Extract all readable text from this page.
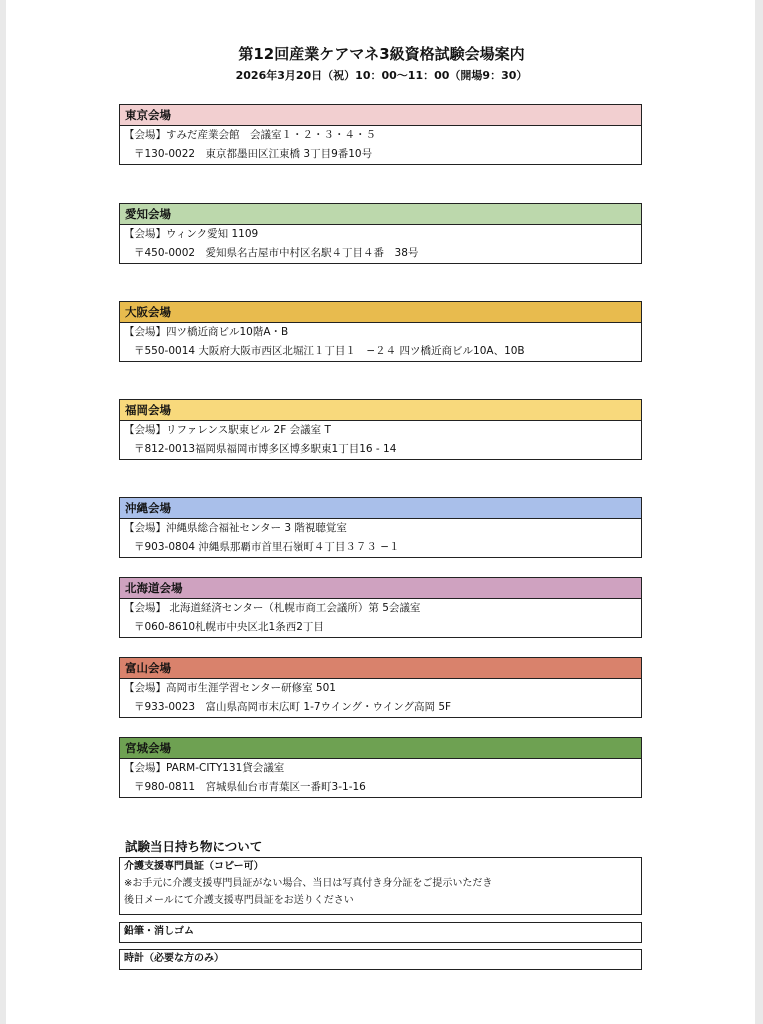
第12回産業ケアマネ3級資格試験会場案内
2026年3月20日（祝）10：00〜11：00（開場9：30）
東京会場
【会場】すみだ産業会館　会議室１・２・３・４・５
〒130‐0022　東京都墨田区江東橋 3丁目9番10号
愛知会場
【会場】ウィンク愛知 1109
〒450-0002　愛知県名古屋市中村区名駅４丁目４番　38号
大阪会場
【会場】四ツ橋近商ビル10階A・B
〒550-0014 大阪府大阪市西区北堀江１丁目１　−２４ 四ツ橋近商ビル10A、10B
福岡会場
【会場】リファレンス駅東ビル 2F 会議室 T
〒812-0013福岡県福岡市博多区博多駅東1丁目16 - 14
沖縄会場
【会場】沖縄県総合福祉センター 3 階視聴覚室
〒903-0804 沖縄県那覇市首里石嶺町４丁目３７３ −１
北海道会場
【会場】 北海道経済センター（札幌市商工会議所）第 5会議室
〒060-8610札幌市中央区北1条西2丁目
富山会場
【会場】高岡市生涯学習センター研修室 501
〒933-0023　富山県高岡市末広町 1-7ウイング・ウイング高岡 5F
宮城会場
【会場】PARM-CITY131貸会議室
〒980-0811　宮城県仙台市青葉区一番町3-1-16
試験当日持ち物について
介護支援専門員証（コピー可）
※お手元に介護支援専門員証がない場合、当日は写真付き身分証をご提示いただき
後日メールにて介護支援専門員証をお送りください
鉛筆・消しゴム
時計（必要な方のみ）
